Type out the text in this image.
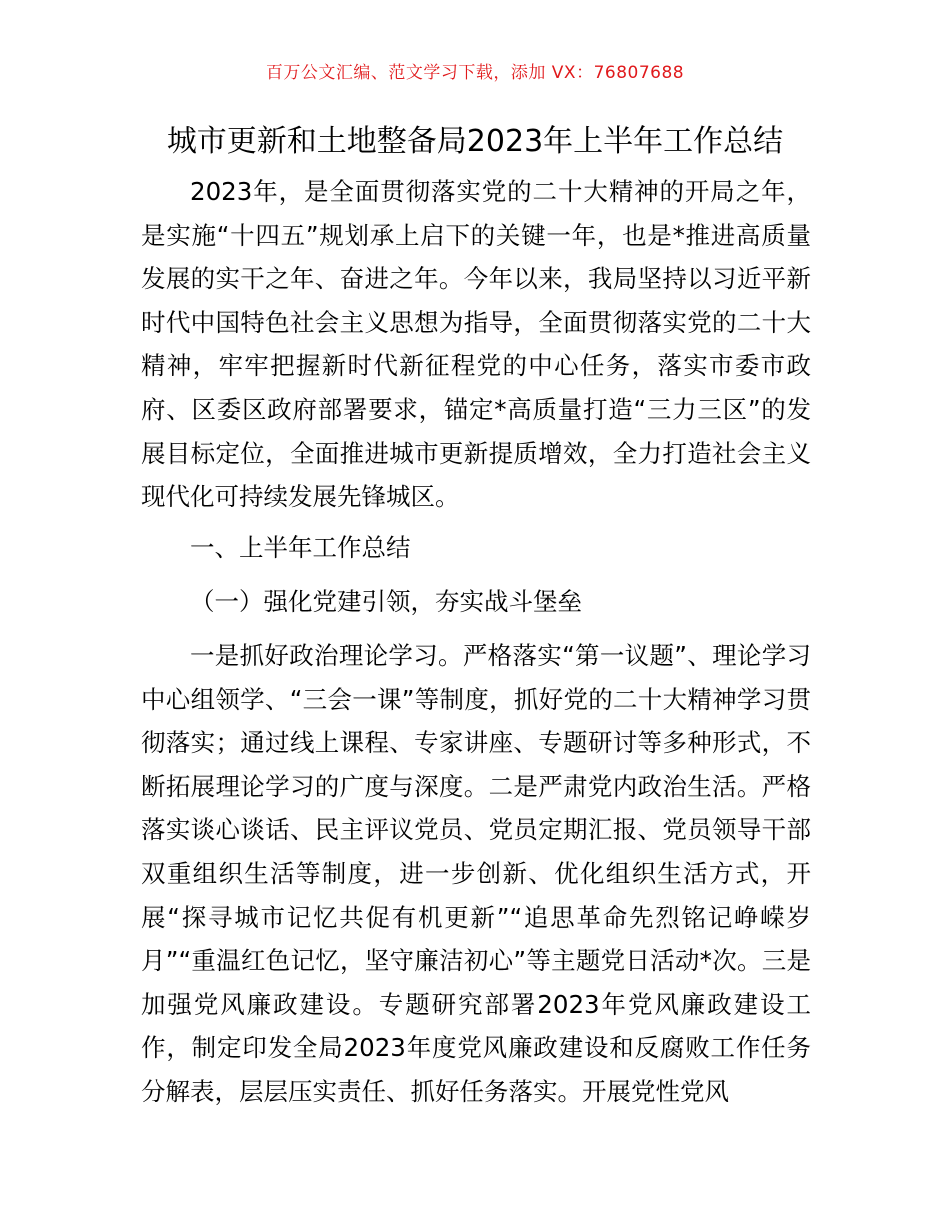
百万公文汇编、范文学习下载，添加 VX：76807688
城市更新和土地整备局2023年上半年工作总结

2023年，是全面贯彻落实党的二十大精神的开局之年，是实施“十四五”规划承上启下的关键一年，也是*推进高质量发展的实干之年、奋进之年。今年以来，我局坚持以习近平新时代中国特色社会主义思想为指导，全面贯彻落实党的二十大精神，牢牢把握新时代新征程党的中心任务，落实市委市政府、区委区政府部署要求，锚定*高质量打造“三力三区”的发展目标定位，全面推进城市更新提质增效，全力打造社会主义现代化可持续发展先锋城区。

一、上半年工作总结
（一）强化党建引领，夯实战斗堡垒

一是抓好政治理论学习。严格落实“第一议题”、理论学习中心组领学、“三会一课”等制度，抓好党的二十大精神学习贯彻落实；通过线上课程、专家讲座、专题研讨等多种形式，不断拓展理论学习的广度与深度。二是严肃党内政治生活。严格落实谈心谈话、民主评议党员、党员定期汇报、党员领导干部双重组织生活等制度，进一步创新、优化组织生活方式，开展“探寻城市记忆共促有机更新”“追思革命先烈铭记峥嵘岁月”“重温红色记忆，坚守廉洁初心”等主题党日活动*次。三是加强党风廉政建设。专题研究部署2023年党风廉政建设工作，制定印发全局2023年度党风廉政建设和反腐败工作任务分解表，层层压实责任、抓好任务落实。开展党性党风
